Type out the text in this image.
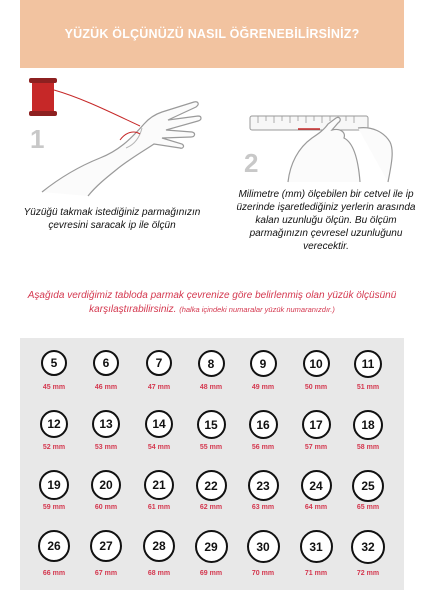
YÜZÜK ÖLÇÜNÜZÜ NASIL ÖĞRENEBİLİRSİNİZ?
1
2
Yüzüğü takmak istediğiniz parmağınızın çevresini saracak ip ile ölçün
Milimetre (mm) ölçebilen bir cetvel ile ip üzerinde işaretlediğiniz yerlerin arasında kalan uzunluğu ölçün. Bu ölçüm parmağınızın çevresel uzunluğunu verecektir.
Aşağıda verdiğimiz tabloda parmak çevrenize göre belirlenmiş olan yüzük ölçüsünü karşılaştırabilirsiniz. (halka içindeki numaralar yüzük numaranızdır.)
5
45 mm
6
46 mm
7
47 mm
8
48 mm
9
49 mm
10
50 mm
11
51 mm
12
52 mm
13
53 mm
14
54 mm
15
55 mm
16
56 mm
17
57 mm
18
58 mm
19
59 mm
20
60 mm
21
61 mm
22
62 mm
23
63 mm
24
64 mm
25
65 mm
26
66 mm
27
67 mm
28
68 mm
29
69 mm
30
70 mm
31
71 mm
32
72 mm
